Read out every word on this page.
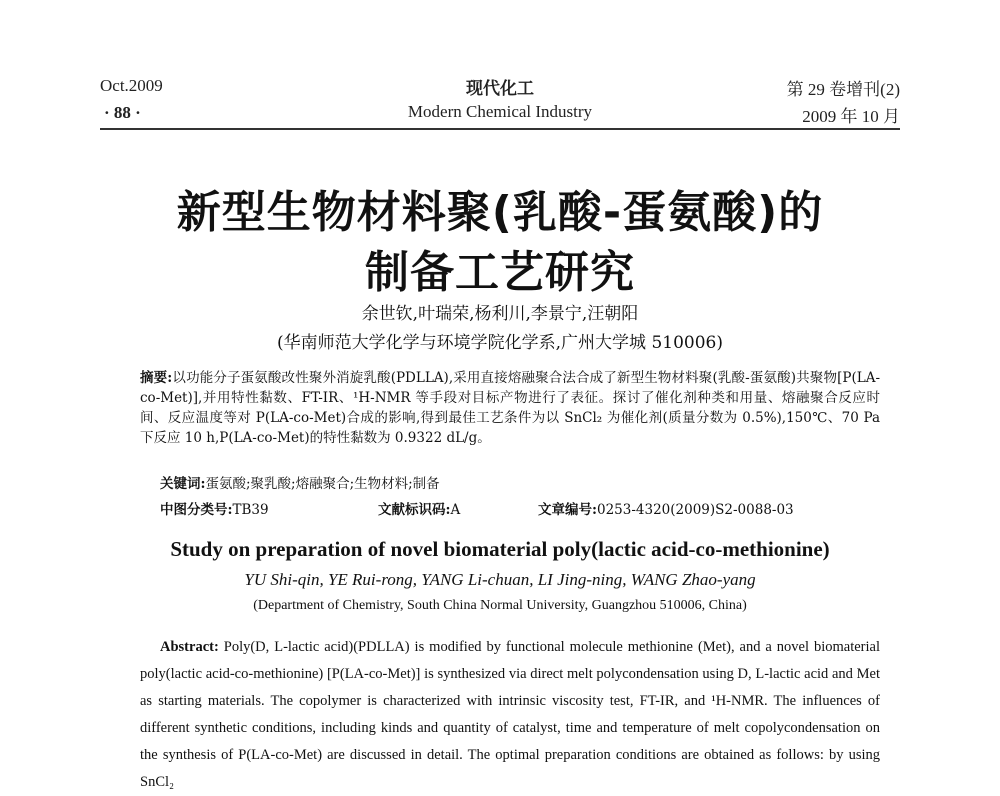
Oct.2009
· 88 ·
现代化工
Modern Chemical Industry
第 29 卷增刊(2)
2009 年 10 月
新型生物材料聚(乳酸-蛋氨酸)的
制备工艺研究
余世钦,叶瑞荣,杨利川,李景宁,汪朝阳
(华南师范大学化学与环境学院化学系,广州大学城 510006)
摘要:以功能分子蛋氨酸改性聚外消旋乳酸(PDLLA),采用直接熔融聚合法合成了新型生物材料聚(乳酸-蛋氨酸)共聚物[P(LA-co-Met)],并用特性黏数、FT-IR、¹H-NMR 等手段对目标产物进行了表征。探讨了催化剂种类和用量、熔融聚合反应时间、反应温度等对 P(LA-co-Met)合成的影响,得到最佳工艺条件为以 SnCl₂ 为催化剂(质量分数为 0.5%),150℃、70 Pa 下反应 10 h,P(LA-co-Met)的特性黏数为 0.9322 dL/g。
关键词:蛋氨酸;聚乳酸;熔融聚合;生物材料;制备
中图分类号:TB39	文献标识码:A	文章编号:0253-4320(2009)S2-0088-03
Study on preparation of novel biomaterial poly(lactic acid-co-methionine)
YU Shi-qin, YE Rui-rong, YANG Li-chuan, LI Jing-ning, WANG Zhao-yang
(Department of Chemistry, South China Normal University, Guangzhou 510006, China)
Abstract: Poly(D, L-lactic acid)(PDLLA) is modified by functional molecule methionine (Met), and a novel biomaterial poly(lactic acid-co-methionine) [P(LA-co-Met)] is synthesized via direct melt polycondensation using D, L-lactic acid and Met as starting materials. The copolymer is characterized with intrinsic viscosity test, FT-IR, and ¹H-NMR. The influences of different synthetic conditions, including kinds and quantity of catalyst, time and temperature of melt copolycondensation on the synthesis of P(LA-co-Met) are discussed in detail. The optimal preparation conditions are obtained as follows: by using SnCl₂
